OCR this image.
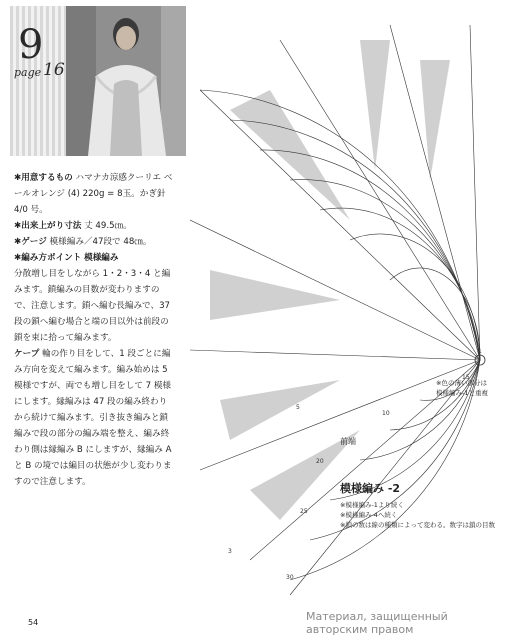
9
page 16

✱用意するもの ハマナカ涼感クーリエ ベールオレンジ (4) 220g = 8玉。かぎ針 4/0 号。

✱出来上がり寸法 丈 49.5㎝。

✱ゲージ 模様編み／47段で 48㎝。

✱編み方ポイント 模様編み

分散増し目をしながら 1・2・3・4 と編みます。鎖編みの目数が変わりますので、注意します。鎖へ編む長編みで、37段の鎖へ編む場合と端の目以外は前段の鎖を束に拾って編みます。

ケープ 輪の作り目をして、1 段ごとに編み方向を変えて編みます。編み始めは 5 模様ですが、両でも増し目をして 7 模様にします。縁編みは 47 段の編み終わりから続けて編みます。引き抜き編みと鎖編みで段の部分の編み端を整え、編み終わり側は縁編み B にしますが、縁編み A と B の境では編目の状態が少し変わりますので注意します。

前端

※色の薄い部分は

模様編み-1と重複

5
10
15
20
25
30
1
3
模様編み -2

※模様編み-1より続く

※模様編み-4へ続く

※鎖の数は線の種類によって変わる。数字は鎖の目数

54	Материал, защищенный авторским правом
